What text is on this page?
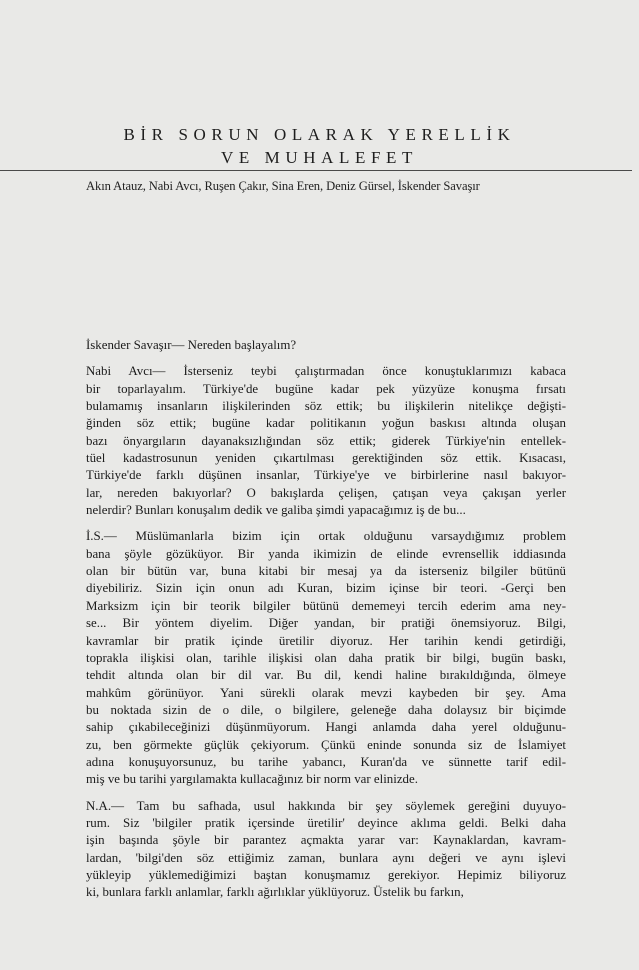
BİR SORUN OLARAK YERELLİK
VE MUHALEFET
Akın Atauz, Nabi Avcı, Ruşen Çakır, Sina Eren, Deniz Gürsel, İskender Savaşır
İskender Savaşır— Nereden başlayalım?
Nabi Avcı— İsterseniz teybi çalıştırmadan önce konuştuklarımızı kabaca
bir toparlayalım. Türkiye'de bugüne kadar pek yüzyüze konuşma fırsatı
bulamamış insanların ilişkilerinden söz ettik; bu ilişkilerin nitelikçe değişti-
ğinden söz ettik; bugüne kadar politikanın yoğun baskısı altında oluşan
bazı önyargıların dayanaksızlığından söz ettik; giderek Türkiye'nin entellek-
tüel kadastrosunun yeniden çıkartılması gerektiğinden söz ettik. Kısacası,
Türkiye'de farklı düşünen insanlar, Türkiye'ye ve birbirlerine nasıl bakıyor-
lar, nereden bakıyorlar? O bakışlarda çelişen, çatışan veya çakışan yerler
nelerdir? Bunları konuşalım dedik ve galiba şimdi yapacağımız iş de bu...
İ.S.— Müslümanlarla bizim için ortak olduğunu varsaydığımız problem
bana şöyle gözüküyor. Bir yanda ikimizin de elinde evrensellik iddiasında
olan bir bütün var, buna kitabi bir mesaj ya da isterseniz bilgiler bütünü
diyebiliriz. Sizin için onun adı Kuran, bizim içinse bir teori. -Gerçi ben
Marksizm için bir teorik bilgiler bütünü dememeyi tercih ederim ama ney-
se... Bir yöntem diyelim. Diğer yandan, bir pratiği önemsiyoruz. Bilgi,
kavramlar bir pratik içinde üretilir diyoruz. Her tarihin kendi getirdiği,
toprakla ilişkisi olan, tarihle ilişkisi olan daha pratik bir bilgi, bugün baskı,
tehdit altında olan bir dil var. Bu dil, kendi haline bırakıldığında, ölmeye
mahkûm görünüyor. Yani sürekli olarak mevzi kaybeden bir şey. Ama
bu noktada sizin de o dile, o bilgilere, geleneğe daha dolaysız bir biçimde
sahip çıkabileceğinizi düşünmüyorum. Hangi anlamda daha yerel olduğunu-
zu, ben görmekte güçlük çekiyorum. Çünkü eninde sonunda siz de İslamiyet
adına konuşuyorsunuz, bu tarihe yabancı, Kuran'da ve sünnette tarif edil-
miş ve bu tarihi yargılamakta kullacağınız bir norm var elinizde.
N.A.— Tam bu safhada, usul hakkında bir şey söylemek gereğini duyuyo-
rum. Siz 'bilgiler pratik içersinde üretilir' deyince aklıma geldi. Belki daha
işin başında şöyle bir parantez açmakta yarar var: Kaynaklardan, kavram-
lardan, 'bilgi'den söz ettiğimiz zaman, bunlara aynı değeri ve aynı işlevi
yükleyip yüklemediğimizi baştan konuşmamız gerekiyor. Hepimiz biliyoruz
ki, bunlara farklı anlamlar, farklı ağırlıklar yüklüyoruz. Üstelik bu farkın,
